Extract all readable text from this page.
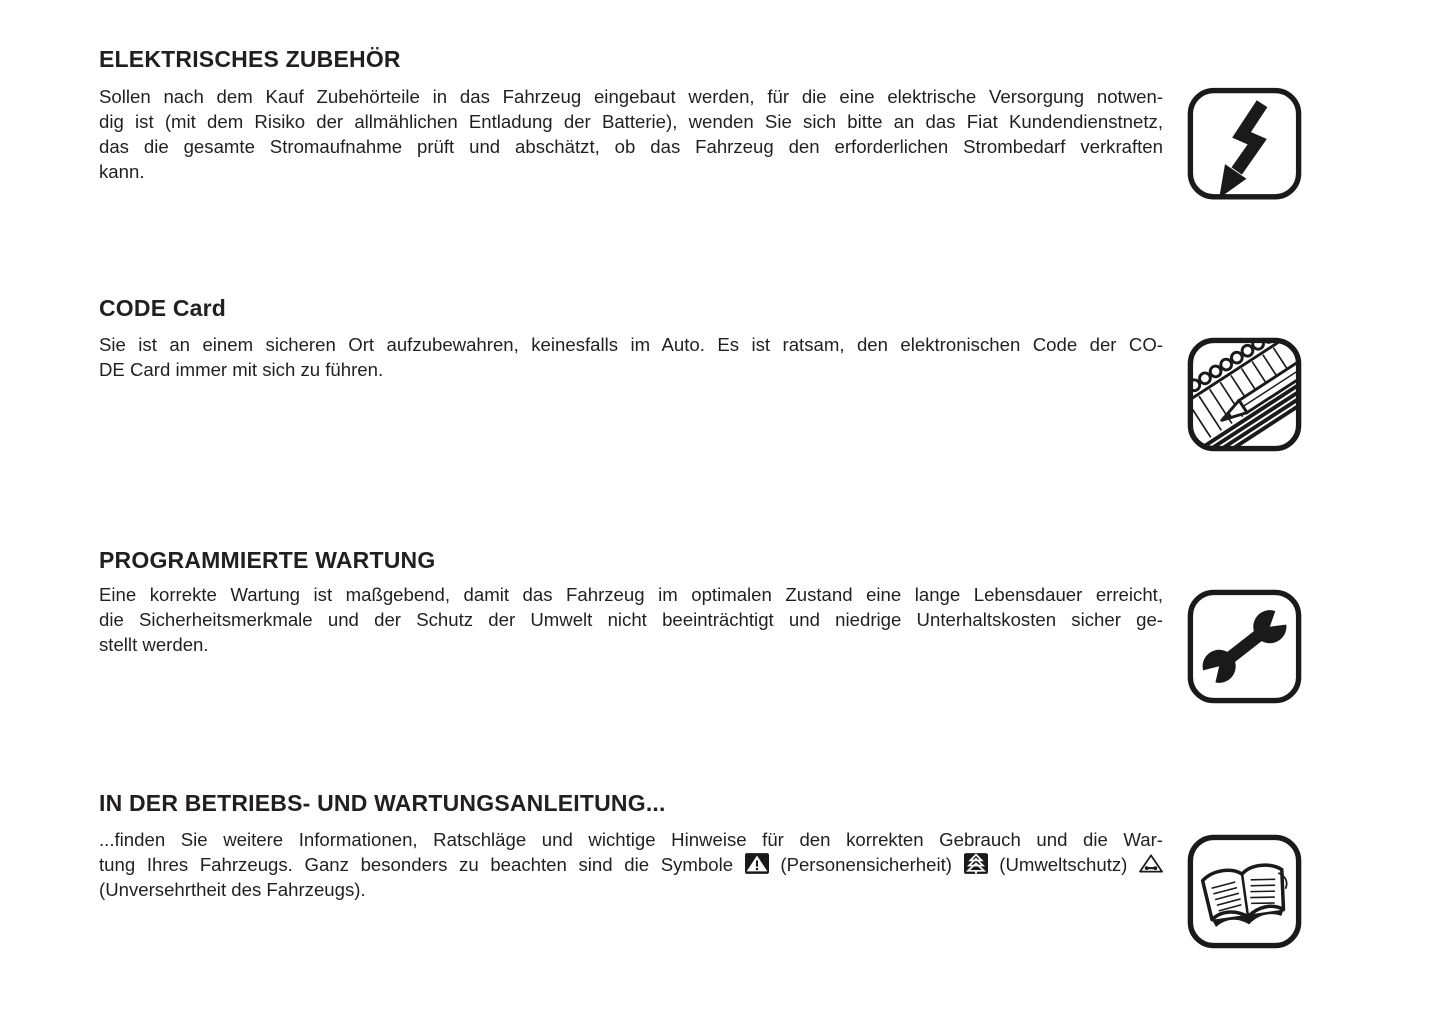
ELEKTRISCHES ZUBEHÖR
Sollen nach dem Kauf Zubehörteile in das Fahrzeug eingebaut werden, für die eine elektrische Versorgung notwen-
dig ist (mit dem Risiko der allmählichen Entladung der Batterie), wenden Sie sich bitte an das Fiat Kundendienstnetz,
das die gesamte Stromaufnahme prüft und abschätzt, ob das Fahrzeug den erforderlichen Strombedarf verkraften
kann.
CODE Card
Sie ist an einem sicheren Ort aufzubewahren, keinesfalls im Auto. Es ist ratsam, den elektronischen Code der CO-
DE Card immer mit sich zu führen.
PROGRAMMIERTE WARTUNG
Eine korrekte Wartung ist maßgebend, damit das Fahrzeug im optimalen Zustand eine lange Lebensdauer erreicht,
die Sicherheitsmerkmale und der Schutz der Umwelt nicht beeinträchtigt und niedrige Unterhaltskosten sicher ge-
stellt werden.
IN DER BETRIEBS- UND WARTUNGSANLEITUNG...
...finden Sie weitere Informationen, Ratschläge und wichtige Hinweise für den korrekten Gebrauch und die War-
tung Ihres Fahrzeugs. Ganz besonders zu beachten sind die Symbole	(Personensicherheit)	(Umweltschutz)
(Unversehrtheit des Fahrzeugs).
